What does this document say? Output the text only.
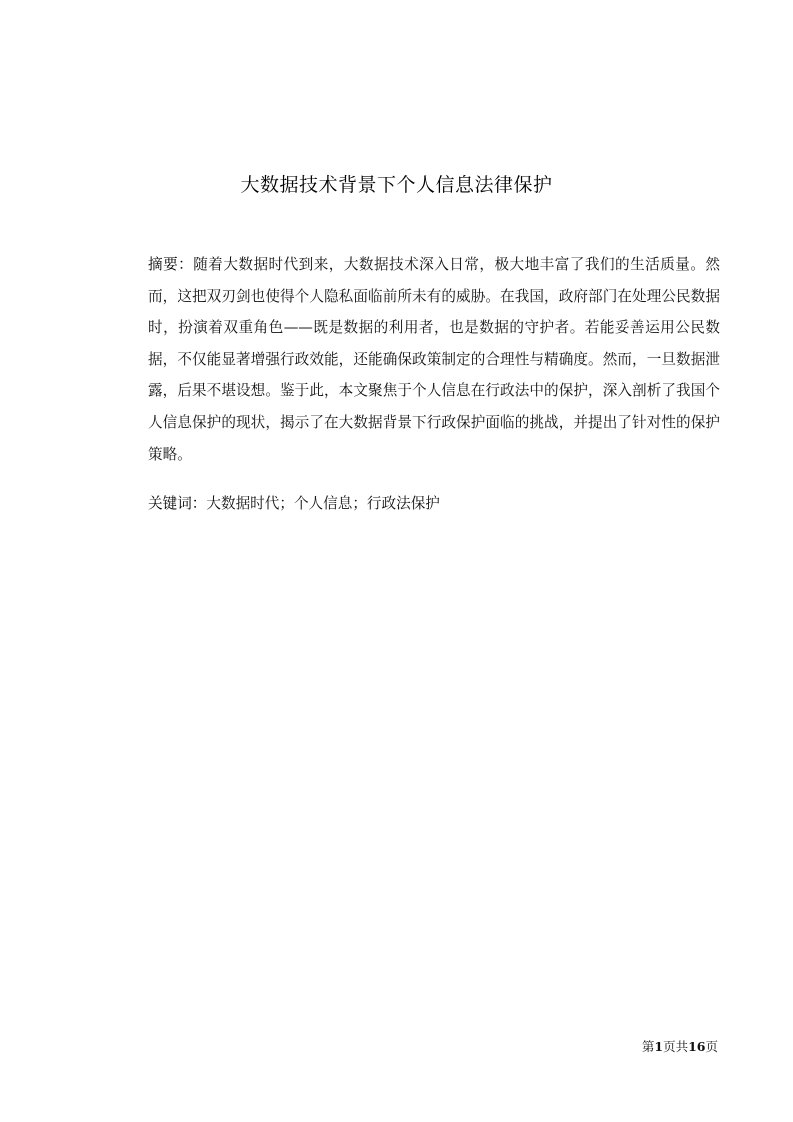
大数据技术背景下个人信息法律保护
摘要：随着大数据时代到来，大数据技术深入日常，极大地丰富了我们的生活质量。然而，这把双刃剑也使得个人隐私面临前所未有的威胁。在我国，政府部门在处理公民数据时，扮演着双重角色——既是数据的利用者，也是数据的守护者。若能妥善运用公民数据，不仅能显著增强行政效能，还能确保政策制定的合理性与精确度。然而，一旦数据泄露，后果不堪设想。鉴于此，本文聚焦于个人信息在行政法中的保护，深入剖析了我国个人信息保护的现状，揭示了在大数据背景下行政保护面临的挑战，并提出了针对性的保护策略。
关键词：大数据时代；个人信息；行政法保护
第1页共16页
